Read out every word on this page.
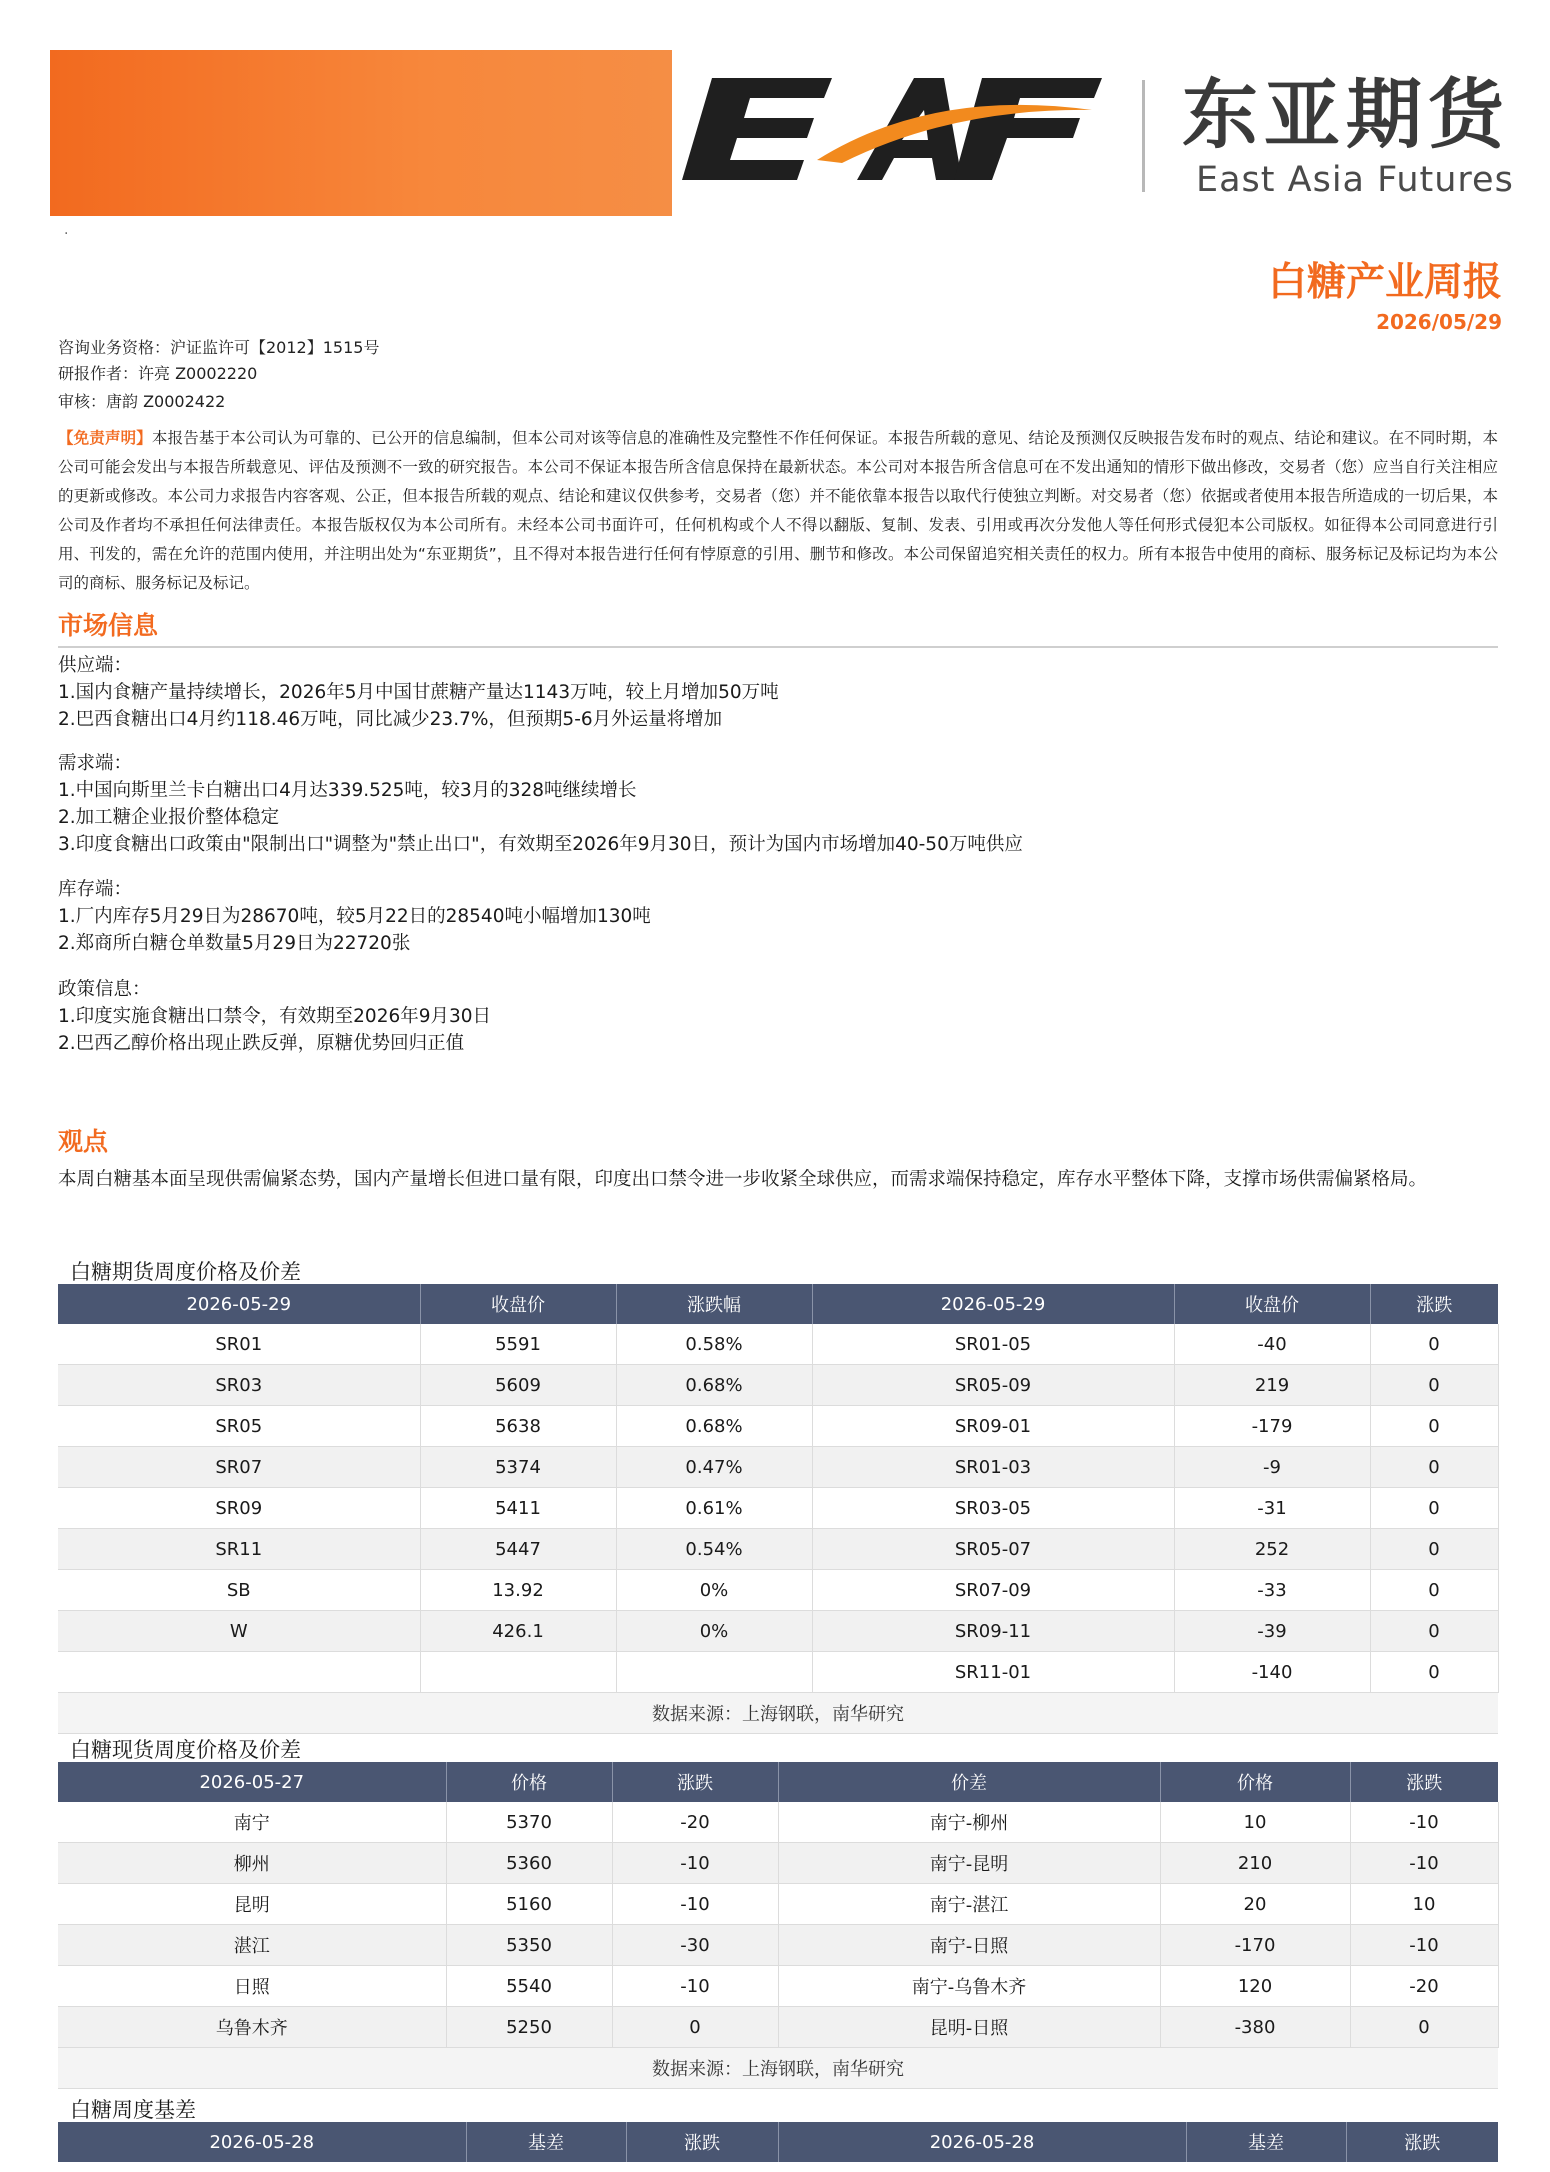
东亚期货
East Asia Futures
.
白糖产业周报
2026/05/29
咨询业务资格：沪证监许可【2012】1515号
研报作者：许亮 Z0002220
审核：唐韵 Z0002422
【免责声明】本报告基于本公司认为可靠的、已公开的信息编制，但本公司对该等信息的准确性及完整性不作任何保证。本报告所载的意见、结论及预测仅反映报告发布时的观点、结论和建议。在不同时期，本公司可能会发出与本报告所载意见、评估及预测不一致的研究报告。本公司不保证本报告所含信息保持在最新状态。本公司对本报告所含信息可在不发出通知的情形下做出修改，交易者（您）应当自行关注相应的更新或修改。本公司力求报告内容客观、公正，但本报告所载的观点、结论和建议仅供参考，交易者（您）并不能依靠本报告以取代行使独立判断。对交易者（您）依据或者使用本报告所造成的一切后果，本公司及作者均不承担任何法律责任。本报告版权仅为本公司所有。未经本公司书面许可，任何机构或个人不得以翻版、复制、发表、引用或再次分发他人等任何形式侵犯本公司版权。如征得本公司同意进行引用、刊发的，需在允许的范围内使用，并注明出处为“东亚期货”，且不得对本报告进行任何有悖原意的引用、删节和修改。本公司保留追究相关责任的权力。所有本报告中使用的商标、服务标记及标记均为本公司的商标、服务标记及标记。
市场信息
供应端：
1.国内食糖产量持续增长，2026年5月中国甘蔗糖产量达1143万吨，较上月增加50万吨
2.巴西食糖出口4月约118.46万吨，同比减少23.7%，但预期5-6月外运量将增加
需求端：
1.中国向斯里兰卡白糖出口4月达339.525吨，较3月的328吨继续增长
2.加工糖企业报价整体稳定
3.印度食糖出口政策由"限制出口"调整为"禁止出口"，有效期至2026年9月30日，预计为国内市场增加40-50万吨供应
库存端：
1.厂内库存5月29日为28670吨，较5月22日的28540吨小幅增加130吨
2.郑商所白糖仓单数量5月29日为22720张
政策信息：
1.印度实施食糖出口禁令，有效期至2026年9月30日
2.巴西乙醇价格出现止跌反弹，原糖优势回归正值
观点
本周白糖基本面呈现供需偏紧态势，国内产量增长但进口量有限，印度出口禁令进一步收紧全球供应，而需求端保持稳定，库存水平整体下降，支撑市场供需偏紧格局。
白糖期货周度价格及价差
2026-05-29	收盘价	涨跌幅	2026-05-29	收盘价	涨跌
SR01	5591	0.58%	SR01-05	-40	0
SR03	5609	0.68%	SR05-09	219	0
SR05	5638	0.68%	SR09-01	-179	0
SR07	5374	0.47%	SR01-03	-9	0
SR09	5411	0.61%	SR03-05	-31	0
SR11	5447	0.54%	SR05-07	252	0
SB	13.92	0%	SR07-09	-33	0
W	426.1	0%	SR09-11	-39	0
			SR11-01	-140	0
数据来源：上海钢联，南华研究					
白糖现货周度价格及价差
2026-05-27	价格	涨跌	价差	价格	涨跌
南宁	5370	-20	南宁-柳州	10	-10
柳州	5360	-10	南宁-昆明	210	-10
昆明	5160	-10	南宁-湛江	20	10
湛江	5350	-30	南宁-日照	-170	-10
日照	5540	-10	南宁-乌鲁木齐	120	-20
乌鲁木齐	5250	0	昆明-日照	-380	0
数据来源：上海钢联，南华研究					
白糖周度基差
2026-05-28	基差	涨跌	2026-05-28	基差	涨跌
